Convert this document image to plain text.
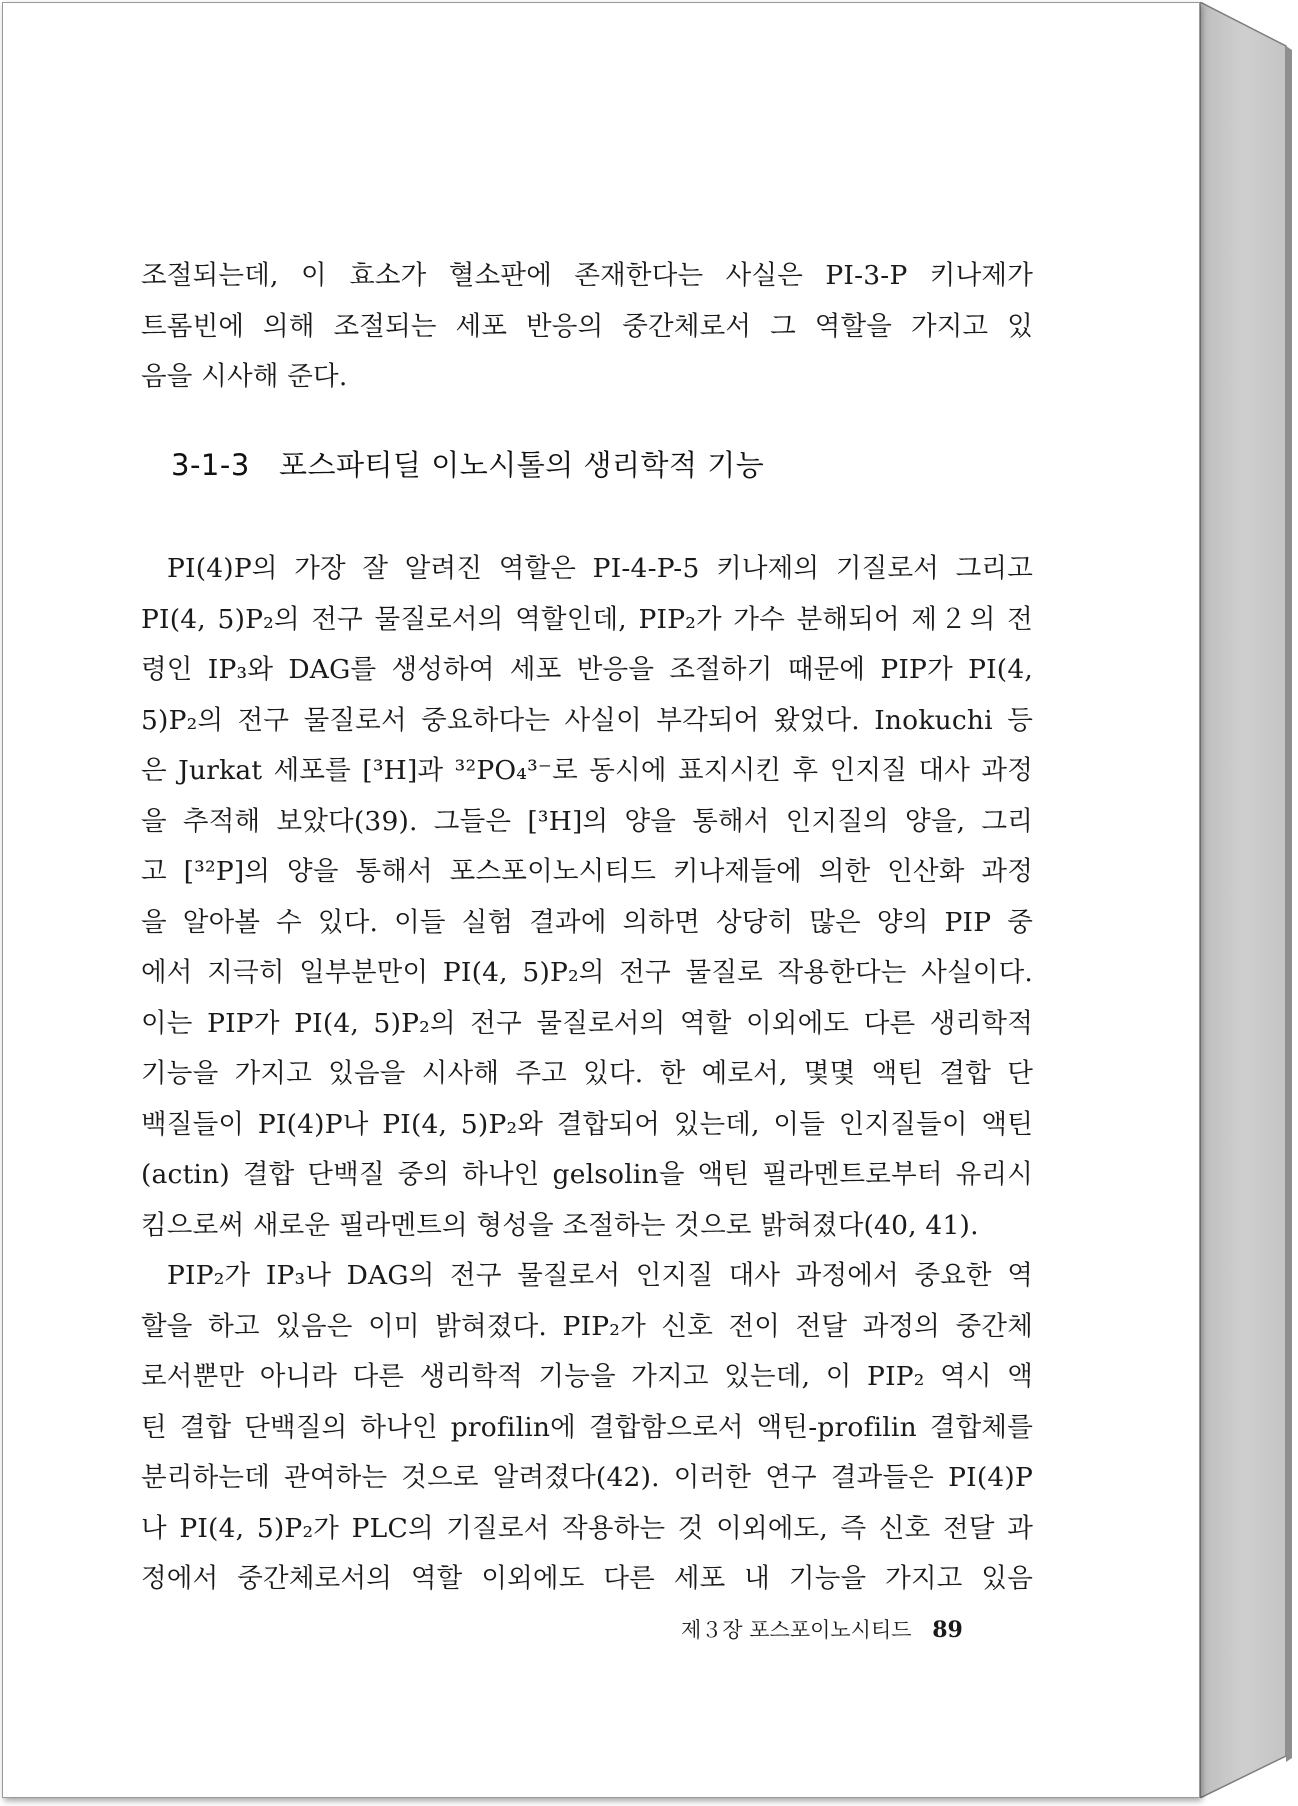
조절되는데, 이 효소가 혈소판에 존재한다는 사실은 PI-3-P 키나제가
트롬빈에 의해 조절되는 세포 반응의 중간체로서 그 역할을 가지고 있
음을 시사해 준다.
3-1-3 포스파티딜 이노시톨의 생리학적 기능
PI(4)P의 가장 잘 알려진 역할은 PI-4-P-5 키나제의 기질로서 그리고
PI(4, 5)P₂의 전구 물질로서의 역할인데, PIP₂가 가수 분해되어 제２의 전
령인 IP₃와 DAG를 생성하여 세포 반응을 조절하기 때문에 PIP가 PI(4,
5)P₂의 전구 물질로서 중요하다는 사실이 부각되어 왔었다. Inokuchi 등
은 Jurkat 세포를 [³H]과 ³²PO₄³⁻로 동시에 표지시킨 후 인지질 대사 과정
을 추적해 보았다(39). 그들은 [³H]의 양을 통해서 인지질의 양을, 그리
고 [³²P]의 양을 통해서 포스포이노시티드 키나제들에 의한 인산화 과정
을 알아볼 수 있다. 이들 실험 결과에 의하면 상당히 많은 양의 PIP 중
에서 지극히 일부분만이 PI(4, 5)P₂의 전구 물질로 작용한다는 사실이다.
이는 PIP가 PI(4, 5)P₂의 전구 물질로서의 역할 이외에도 다른 생리학적
기능을 가지고 있음을 시사해 주고 있다. 한 예로서, 몇몇 액틴 결합 단
백질들이 PI(4)P나 PI(4, 5)P₂와 결합되어 있는데, 이들 인지질들이 액틴
(actin) 결합 단백질 중의 하나인 gelsolin을 액틴 필라멘트로부터 유리시
킴으로써 새로운 필라멘트의 형성을 조절하는 것으로 밝혀졌다(40, 41).
PIP₂가 IP₃나 DAG의 전구 물질로서 인지질 대사 과정에서 중요한 역
할을 하고 있음은 이미 밝혀졌다. PIP₂가 신호 전이 전달 과정의 중간체
로서뿐만 아니라 다른 생리학적 기능을 가지고 있는데, 이 PIP₂ 역시 액
틴 결합 단백질의 하나인 profilin에 결합함으로서 액틴-profilin 결합체를
분리하는데 관여하는 것으로 알려졌다(42). 이러한 연구 결과들은 PI(4)P
나 PI(4, 5)P₂가 PLC의 기질로서 작용하는 것 이외에도, 즉 신호 전달 과
정에서 중간체로서의 역할 이외에도 다른 세포 내 기능을 가지고 있음
제３장 포스포이노시티드 89
